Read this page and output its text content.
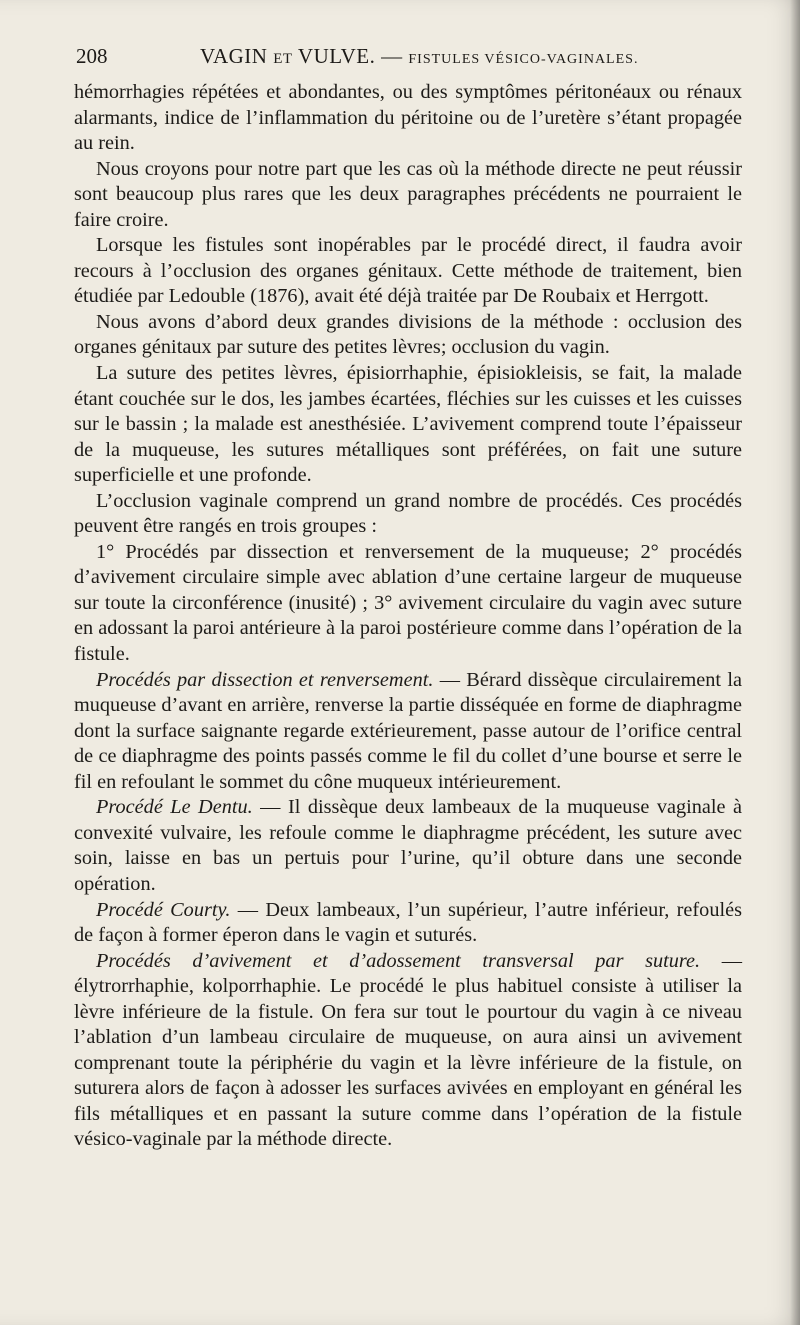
208	VAGIN ET VULVE. — FISTULES VÉSICO-VAGINALES.

hémorrhagies répétées et abondantes, ou des symptômes péritonéaux ou rénaux alarmants, indice de l’inflammation du péritoine ou de l’uretère s’étant propagée au rein.

Nous croyons pour notre part que les cas où la méthode directe ne peut réussir sont beaucoup plus rares que les deux paragraphes précédents ne pourraient le faire croire.

Lorsque les fistules sont inopérables par le procédé direct, il faudra avoir recours à l’occlusion des organes génitaux. Cette méthode de traitement, bien étudiée par Ledouble (1876), avait été déjà traitée par De Roubaix et Herrgott.

Nous avons d’abord deux grandes divisions de la méthode : occlusion des organes génitaux par suture des petites lèvres; occlusion du vagin.

La suture des petites lèvres, épisiorrhaphie, épisiokleisis, se fait, la malade étant couchée sur le dos, les jambes écartées, fléchies sur les cuisses et les cuisses sur le bassin ; la malade est anesthésiée. L’avivement comprend toute l’épaisseur de la muqueuse, les sutures métalliques sont préférées, on fait une suture superficielle et une profonde.

L’occlusion vaginale comprend un grand nombre de procédés. Ces procédés peuvent être rangés en trois groupes :

1° Procédés par dissection et renversement de la muqueuse; 2° procédés d’avivement circulaire simple avec ablation d’une certaine largeur de muqueuse sur toute la circonférence (inusité) ; 3° avivement circulaire du vagin avec suture en adossant la paroi antérieure à la paroi postérieure comme dans l’opération de la fistule.

Procédés par dissection et renversement. — Bérard dissèque circulairement la muqueuse d’avant en arrière, renverse la partie disséquée en forme de diaphragme dont la surface saignante regarde extérieurement, passe autour de l’orifice central de ce diaphragme des points passés comme le fil du collet d’une bourse et serre le fil en refoulant le sommet du cône muqueux intérieurement.

Procédé Le Dentu. — Il dissèque deux lambeaux de la muqueuse vaginale à convexité vulvaire, les refoule comme le diaphragme précédent, les suture avec soin, laisse en bas un pertuis pour l’urine, qu’il obture dans une seconde opération.

Procédé Courty. — Deux lambeaux, l’un supérieur, l’autre inférieur, refoulés de façon à former éperon dans le vagin et suturés.

Procédés d’avivement et d’adossement transversal par suture. — élytrorrhaphie, kolporrhaphie. Le procédé le plus habituel consiste à utiliser la lèvre inférieure de la fistule. On fera sur tout le pourtour du vagin à ce niveau l’ablation d’un lambeau circulaire de muqueuse, on aura ainsi un avivement comprenant toute la périphérie du vagin et la lèvre inférieure de la fistule, on suturera alors de façon à adosser les surfaces avivées en employant en général les fils métalliques et en passant la suture comme dans l’opération de la fistule vésico-vaginale par la méthode directe.
